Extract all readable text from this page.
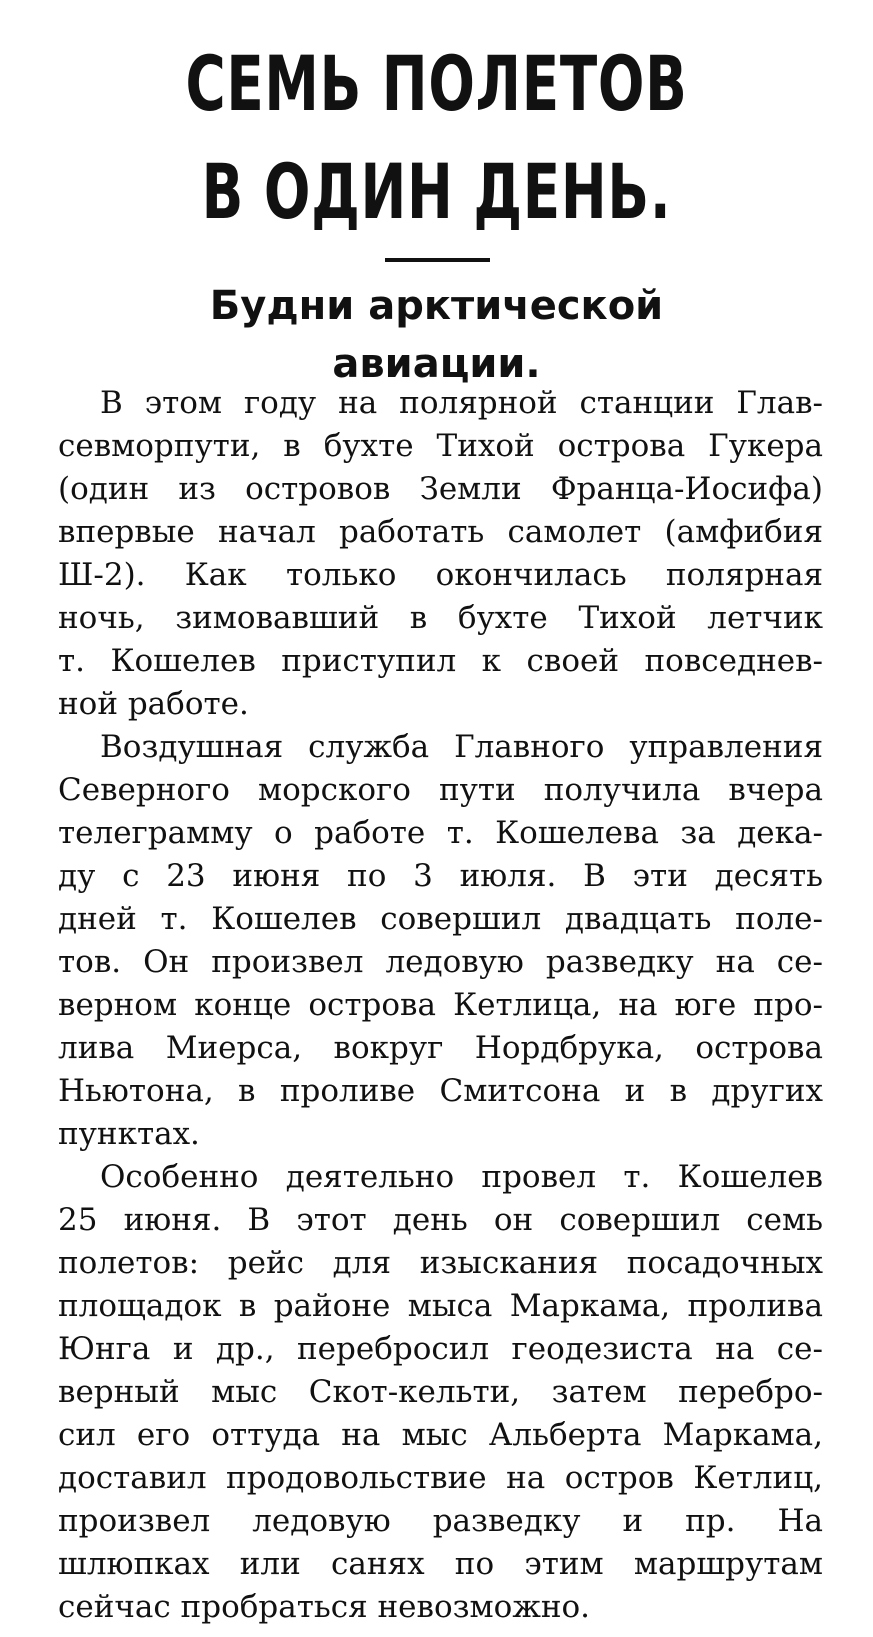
СЕМЬ ПОЛЕТОВ
В ОДИН ДЕНЬ.
Будни арктической
авиации.
В этом году на полярной станции Глав-
севморпути, в бухте Тихой острова Гукера
(один из островов Земли Франца-Иосифа)
впервые начал работать самолет (амфибия
Ш-2). Как только окончилась полярная
ночь, зимовавший в бухте Тихой летчик
т. Кошелев приступил к своей повседнев-
ной работе.
Воздушная служба Главного управления
Северного морского пути получила вчера
телеграмму о работе т. Кошелева за дека-
ду с 23 июня по 3 июля. В эти десять
дней т. Кошелев совершил двадцать поле-
тов. Он произвел ледовую разведку на се-
верном конце острова Кетлица, на юге про-
лива Миерса, вокруг Нордбрука, острова
Ньютона, в проливе Смитсона и в других
пунктах.
Особенно деятельно провел т. Кошелев
25 июня. В этот день он совершил семь
полетов: рейс для изыскания посадочных
площадок в районе мыса Маркама, пролива
Юнга и др., перебросил геодезиста на се-
верный мыс Скот-кельти, затем перебро-
сил его оттуда на мыс Альберта Маркама,
доставил продовольствие на остров Кетлиц,
произвел ледовую разведку и пр. На
шлюпках или санях по этим маршрутам
сейчас пробраться невозможно.
